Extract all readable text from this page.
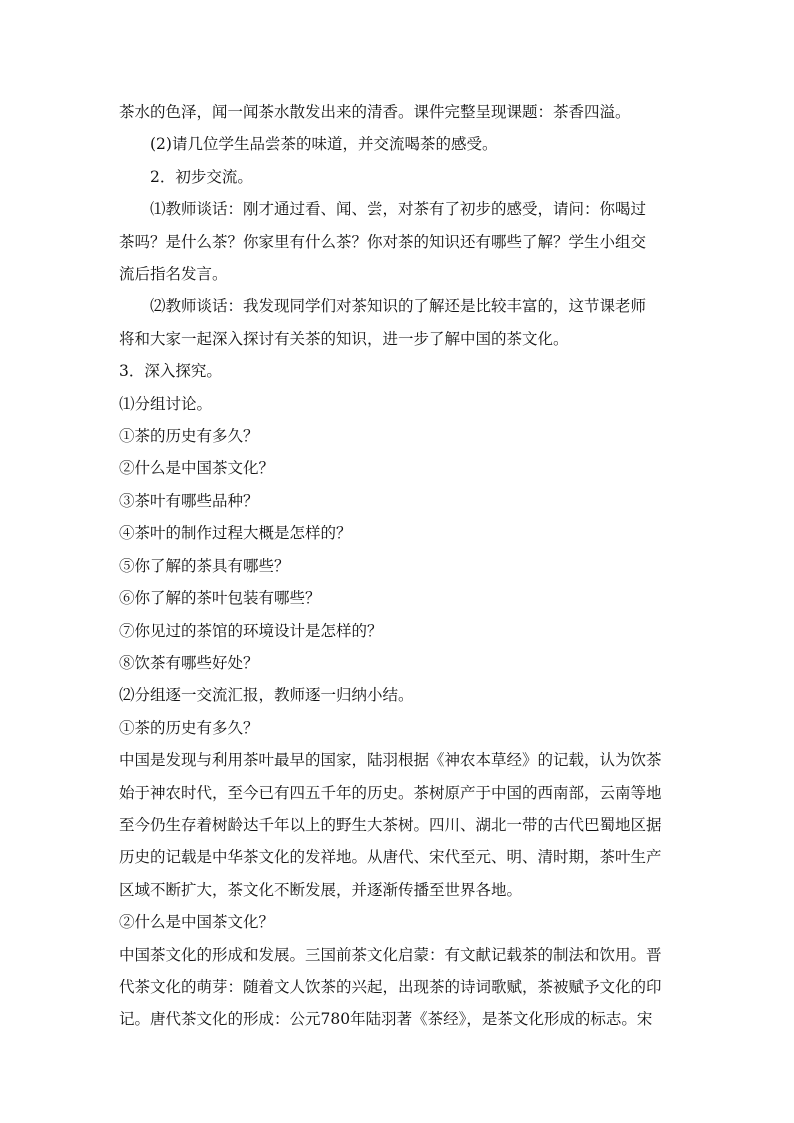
茶水的色泽，闻一闻茶水散发出来的清香。课件完整呈现课题：茶香四溢。
(2)请几位学生品尝茶的味道，并交流喝茶的感受。
2．初步交流。
⑴教师谈话：刚才通过看、闻、尝，对茶有了初步的感受，请问：你喝过
茶吗？是什么茶？你家里有什么茶？你对茶的知识还有哪些了解？学生小组交
流后指名发言。
⑵教师谈话：我发现同学们对茶知识的了解还是比较丰富的，这节课老师
将和大家一起深入探讨有关茶的知识，进一步了解中国的茶文化。
3．深入探究。
⑴分组讨论。
①茶的历史有多久？
②什么是中国茶文化？
③茶叶有哪些品种？
④茶叶的制作过程大概是怎样的？
⑤你了解的茶具有哪些？
⑥你了解的茶叶包装有哪些？
⑦你见过的茶馆的环境设计是怎样的？
⑧饮茶有哪些好处？
⑵分组逐一交流汇报，教师逐一归纳小结。
①茶的历史有多久？
中国是发现与利用茶叶最早的国家，陆羽根据《神农本草经》的记载，认为饮茶
始于神农时代，至今已有四五千年的历史。茶树原产于中国的西南部，云南等地
至今仍生存着树龄达千年以上的野生大茶树。四川、湖北一带的古代巴蜀地区据
历史的记载是中华茶文化的发祥地。从唐代、宋代至元、明、清时期，茶叶生产
区域不断扩大，茶文化不断发展，并逐渐传播至世界各地。
②什么是中国茶文化？
中国茶文化的形成和发展。三国前茶文化启蒙：有文献记载茶的制法和饮用。晋
代茶文化的萌芽：随着文人饮茶的兴起，出现茶的诗词歌赋，茶被赋予文化的印
记。唐代茶文化的形成：公元780年陆羽著《茶经》，是茶文化形成的标志。宋
